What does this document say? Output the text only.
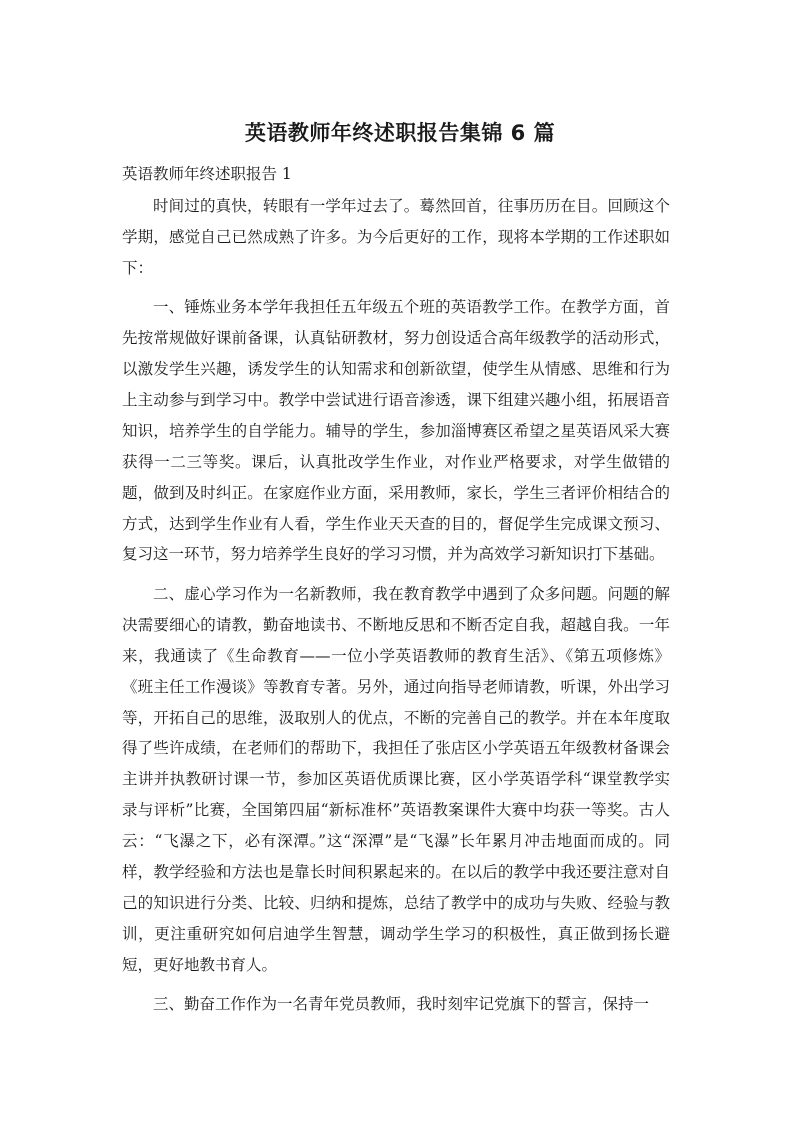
英语教师年终述职报告集锦 6 篇
英语教师年终述职报告 1

时间过的真快，转眼有一学年过去了。蓦然回首，往事历历在目。回顾这个学期，感觉自己已然成熟了许多。为今后更好的工作，现将本学期的工作述职如下：

一、锤炼业务本学年我担任五年级五个班的英语教学工作。在教学方面，首先按常规做好课前备课，认真钻研教材，努力创设适合高年级教学的活动形式，以激发学生兴趣，诱发学生的认知需求和创新欲望，使学生从情感、思维和行为上主动参与到学习中。教学中尝试进行语音渗透，课下组建兴趣小组，拓展语音知识，培养学生的自学能力。辅导的学生，参加淄博赛区希望之星英语风采大赛获得一二三等奖。课后，认真批改学生作业，对作业严格要求，对学生做错的题，做到及时纠正。在家庭作业方面，采用教师，家长，学生三者评价相结合的方式，达到学生作业有人看，学生作业天天查的目的，督促学生完成课文预习、复习这一环节，努力培养学生良好的学习习惯，并为高效学习新知识打下基础。

二、虚心学习作为一名新教师，我在教育教学中遇到了众多问题。问题的解决需要细心的请教，勤奋地读书、不断地反思和不断否定自我，超越自我。一年来，我通读了《生命教育——一位小学英语教师的教育生活》、《第五项修炼》《班主任工作漫谈》等教育专著。另外，通过向指导老师请教，听课，外出学习等，开拓自己的思维，汲取别人的优点，不断的完善自己的教学。并在本年度取得了些许成绩，在老师们的帮助下，我担任了张店区小学英语五年级教材备课会主讲并执教研讨课一节，参加区英语优质课比赛，区小学英语学科“课堂教学实录与评析”比赛，全国第四届“新标准杯”英语教案课件大赛中均获一等奖。古人云：“飞瀑之下，必有深潭。”这“深潭”是“飞瀑”长年累月冲击地面而成的。同样，教学经验和方法也是靠长时间积累起来的。在以后的教学中我还要注意对自己的知识进行分类、比较、归纳和提炼，总结了教学中的成功与失败、经验与教训，更注重研究如何启迪学生智慧，调动学生学习的积极性，真正做到扬长避短，更好地教书育人。

三、勤奋工作作为一名青年党员教师，我时刻牢记党旗下的誓言，保持一
